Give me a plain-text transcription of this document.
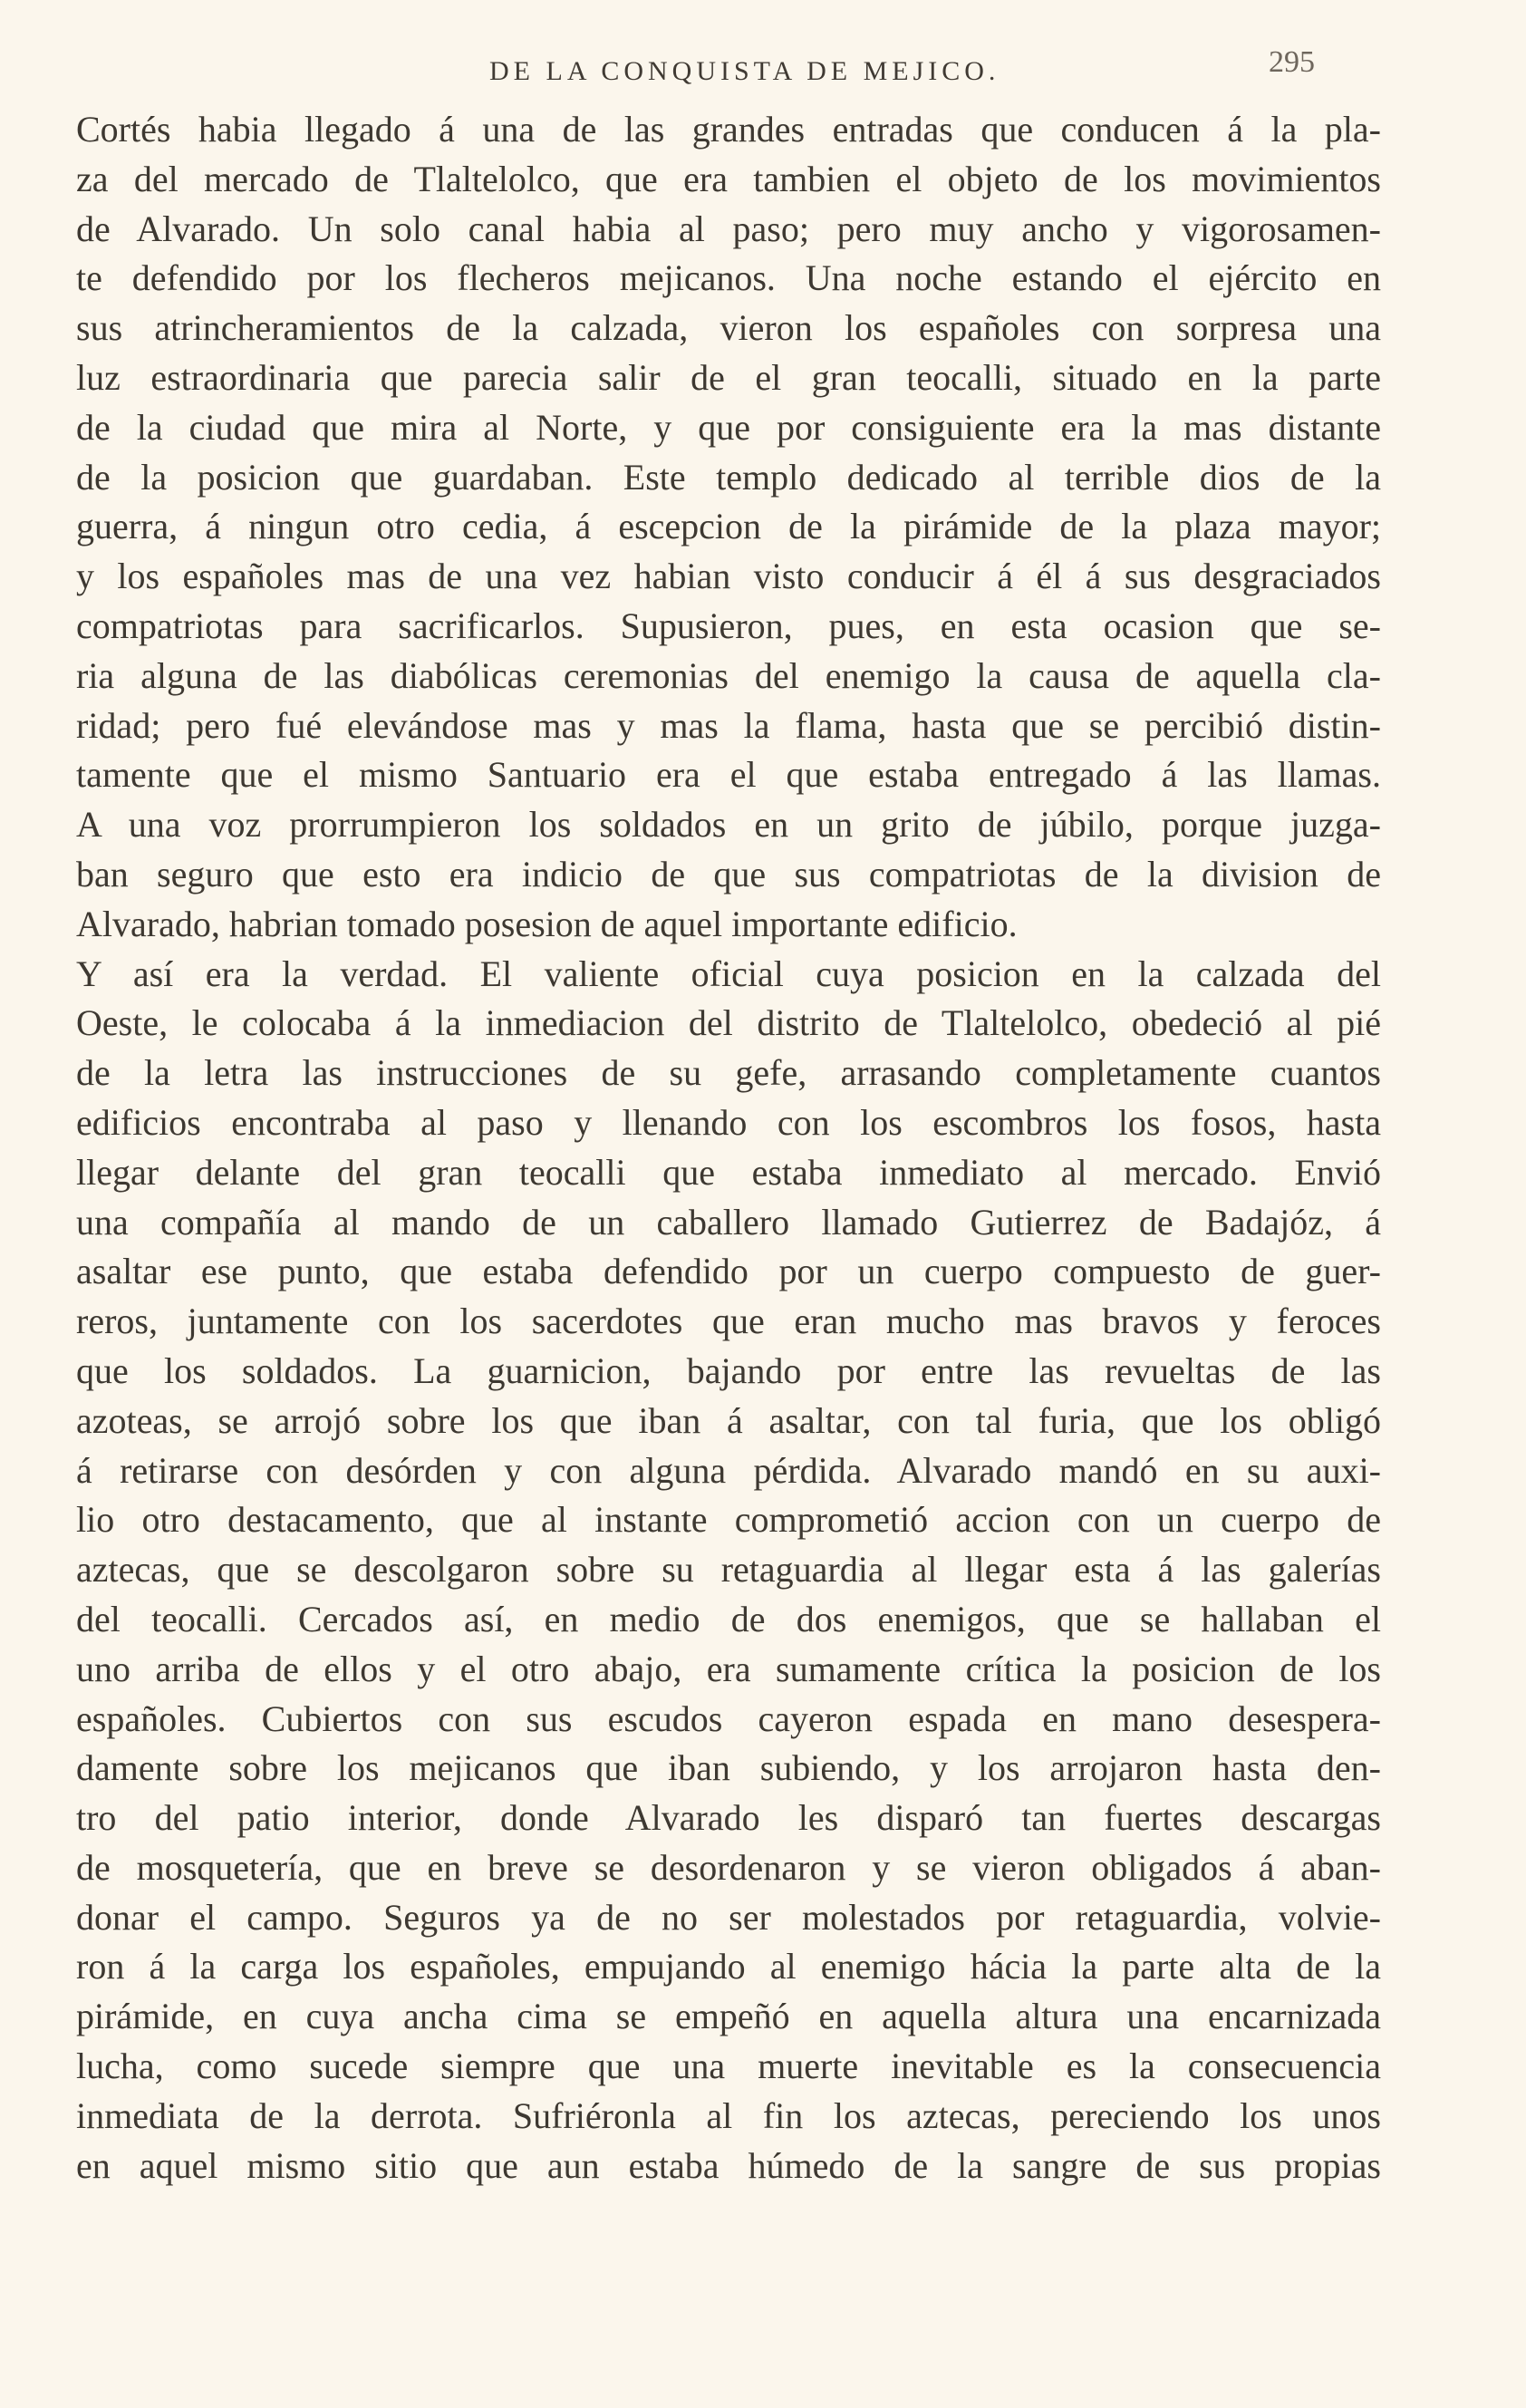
DE LA CONQUISTA DE MEJICO.	295
Cortés habia llegado á una de las grandes entradas que conducen á la pla-
za del mercado de Tlaltelolco, que era tambien el objeto de los movimientos
de Alvarado. Un solo canal habia al paso; pero muy ancho y vigorosamen-
te defendido por los flecheros mejicanos. Una noche estando el ejército en
sus atrincheramientos de la calzada, vieron los españoles con sorpresa una
luz estraordinaria que parecia salir de el gran teocalli, situado en la parte
de la ciudad que mira al Norte, y que por consiguiente era la mas distante
de la posicion que guardaban. Este templo dedicado al terrible dios de la
guerra, á ningun otro cedia, á escepcion de la pirámide de la plaza mayor;
y los españoles mas de una vez habian visto conducir á él á sus desgraciados
compatriotas para sacrificarlos. Supusieron, pues, en esta ocasion que se-
ria alguna de las diabólicas ceremonias del enemigo la causa de aquella cla-
ridad; pero fué elevándose mas y mas la flama, hasta que se percibió distin-
tamente que el mismo Santuario era el que estaba entregado á las llamas.
A una voz prorrumpieron los soldados en un grito de júbilo, porque juzga-
ban seguro que esto era indicio de que sus compatriotas de la division de
Alvarado, habrian tomado posesion de aquel importante edificio.
Y así era la verdad. El valiente oficial cuya posicion en la calzada del
Oeste, le colocaba á la inmediacion del distrito de Tlaltelolco, obedeció al pié
de la letra las instrucciones de su gefe, arrasando completamente cuantos
edificios encontraba al paso y llenando con los escombros los fosos, hasta
llegar delante del gran teocalli que estaba inmediato al mercado. Envió
una compañía al mando de un caballero llamado Gutierrez de Badajóz, á
asaltar ese punto, que estaba defendido por un cuerpo compuesto de guer-
reros, juntamente con los sacerdotes que eran mucho mas bravos y feroces
que los soldados. La guarnicion, bajando por entre las revueltas de las
azoteas, se arrojó sobre los que iban á asaltar, con tal furia, que los obligó
á retirarse con desórden y con alguna pérdida. Alvarado mandó en su auxi-
lio otro destacamento, que al instante comprometió accion con un cuerpo de
aztecas, que se descolgaron sobre su retaguardia al llegar esta á las galerías
del teocalli. Cercados así, en medio de dos enemigos, que se hallaban el
uno arriba de ellos y el otro abajo, era sumamente crítica la posicion de los
españoles. Cubiertos con sus escudos cayeron espada en mano desespera-
damente sobre los mejicanos que iban subiendo, y los arrojaron hasta den-
tro del patio interior, donde Alvarado les disparó tan fuertes descargas
de mosquetería, que en breve se desordenaron y se vieron obligados á aban-
donar el campo. Seguros ya de no ser molestados por retaguardia, volvie-
ron á la carga los españoles, empujando al enemigo hácia la parte alta de la
pirámide, en cuya ancha cima se empeñó en aquella altura una encarnizada
lucha, como sucede siempre que una muerte inevitable es la consecuencia
inmediata de la derrota. Sufriéronla al fin los aztecas, pereciendo los unos
en aquel mismo sitio que aun estaba húmedo de la sangre de sus propias
